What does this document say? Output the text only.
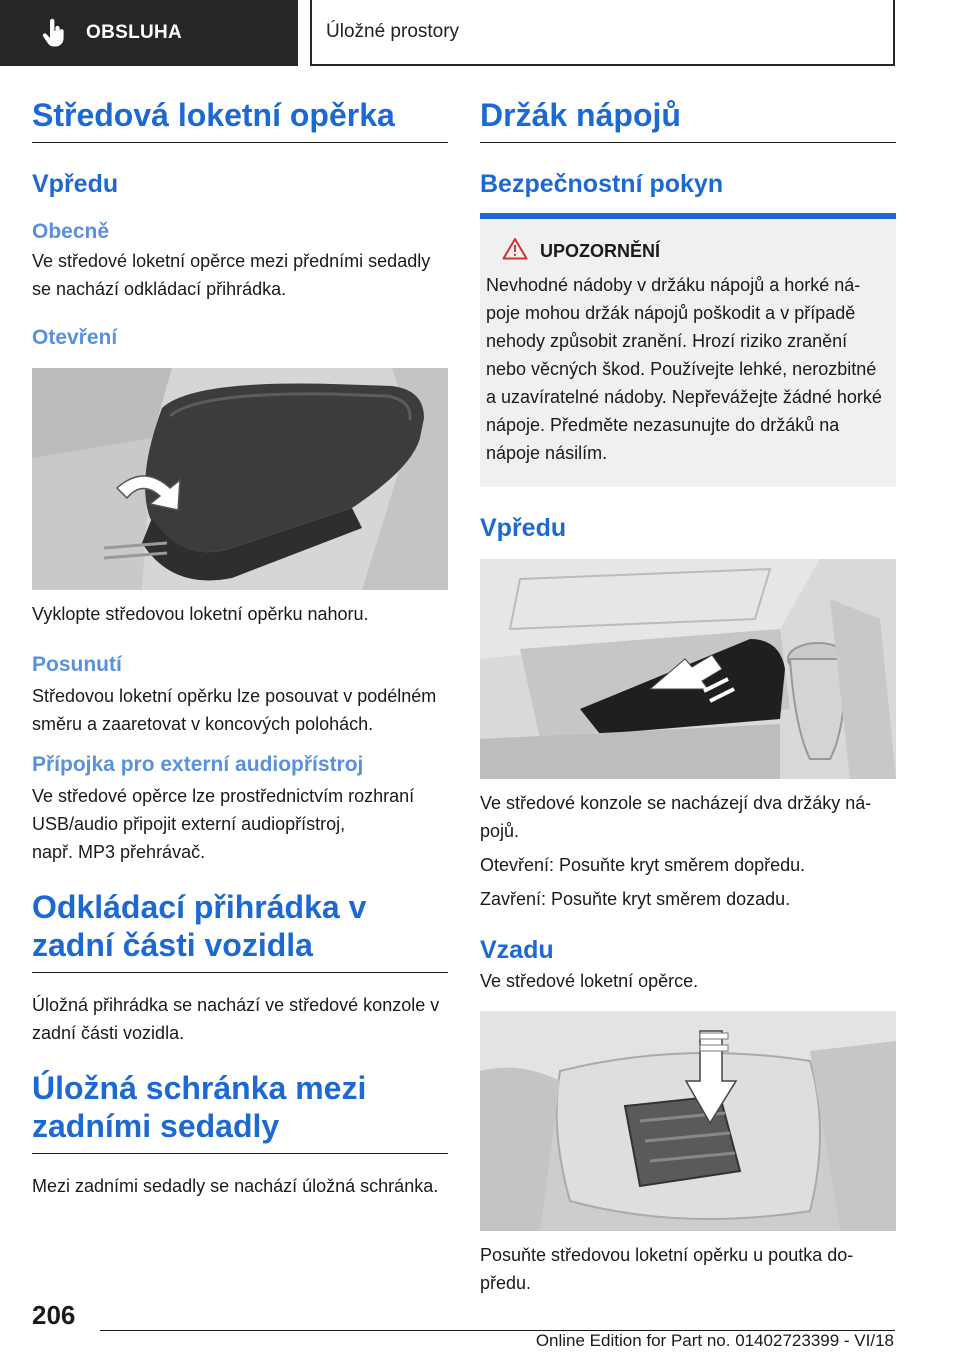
OBSLUHA	Úložné prostory
Středová loketní opěrka
Vpředu
Obecně

Ve středové loketní opěrce mezi předními sedadly se nachází odkládací přihrádka.

Otevření

Vyklopte středovou loketní opěrku nahoru.

Posunutí

Středovou loketní opěrku lze posouvat v podélném směru a zaaretovat v koncových polohách.

Přípojka pro externí audiopřístroj

Ve středové opěrce lze prostřednictvím rozhraní USB/audio připojit externí audiopřístroj,

např. MP3 přehrávač.

Odkládací přihrádka v zadní části vozidla

Úložná přihrádka se nachází ve středové konzole v zadní části vozidla.

Úložná schránka mezi zadními sedadly

Mezi zadními sedadly se nachází úložná schránka.

Držák nápojů
Bezpečnostní pokyn
UPOZORNĚNÍ

Nevhodné nádoby v držáku nápojů a horké nápoje mohou držák nápojů poškodit a v případě nehody způsobit zranění. Hrozí riziko zranění nebo věcných škod. Používejte lehké, nerozbitné a uzavíratelné nádoby. Nepřevážejte žádné horké nápoje. Předměte nezasunujte do držáků na nápoje násilím.

Vpředu

Ve středové konzole se nacházejí dva držáky nápojů.

Otevření: Posuňte kryt směrem dopředu.

Zavření: Posuňte kryt směrem dozadu.

Vzadu

Ve středové loketní opěrce.

Posuňte středovou loketní opěrku u poutka dopředu.

206
Online Edition for Part no. 01402723399 - VI/18
